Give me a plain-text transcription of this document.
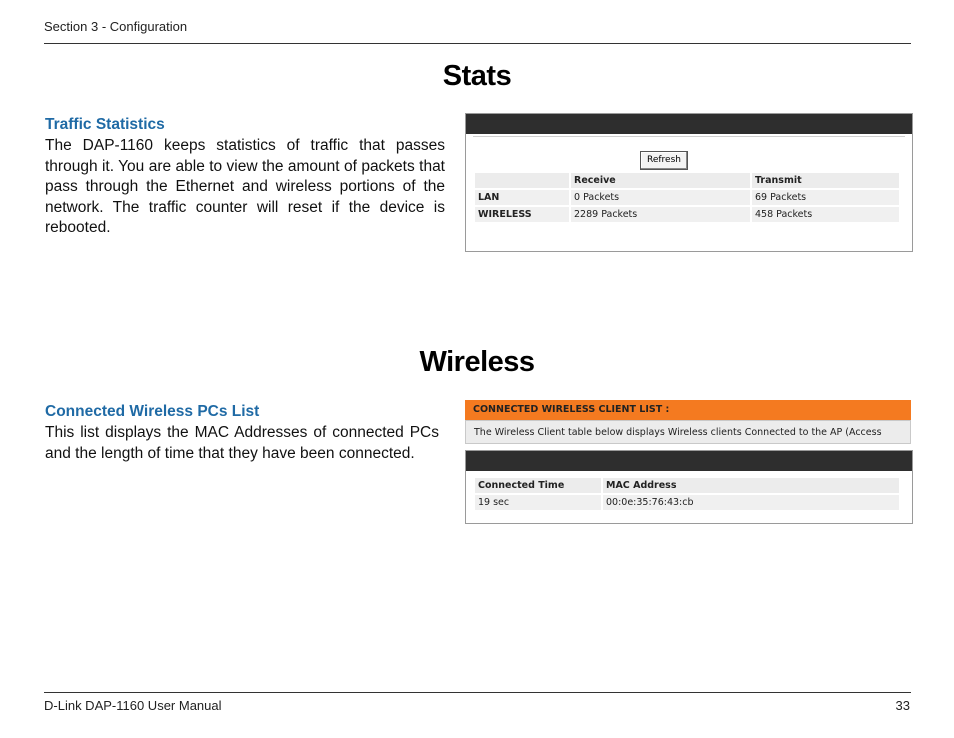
Section 3 - Configuration
Stats
Traffic Statistics
The DAP-1160 keeps statistics of traffic that passes through it. You are able to view the amount of packets that pass through the Ethernet and wireless portions of the network. The traffic counter will reset if the device is rebooted.
Refresh
	Receive	Transmit
LAN	0 Packets	69 Packets
WIRELESS	2289 Packets	458 Packets
Wireless
Connected Wireless PCs List
This list displays the MAC Addresses of connected PCs and the length of time that they have been connected.
CONNECTED WIRELESS CLIENT LIST :
The Wireless Client table below displays Wireless clients Connected to the AP (Access
Connected Time	MAC Address
19 sec	00:0e:35:76:43:cb
D-Link DAP-1160 User Manual	33
